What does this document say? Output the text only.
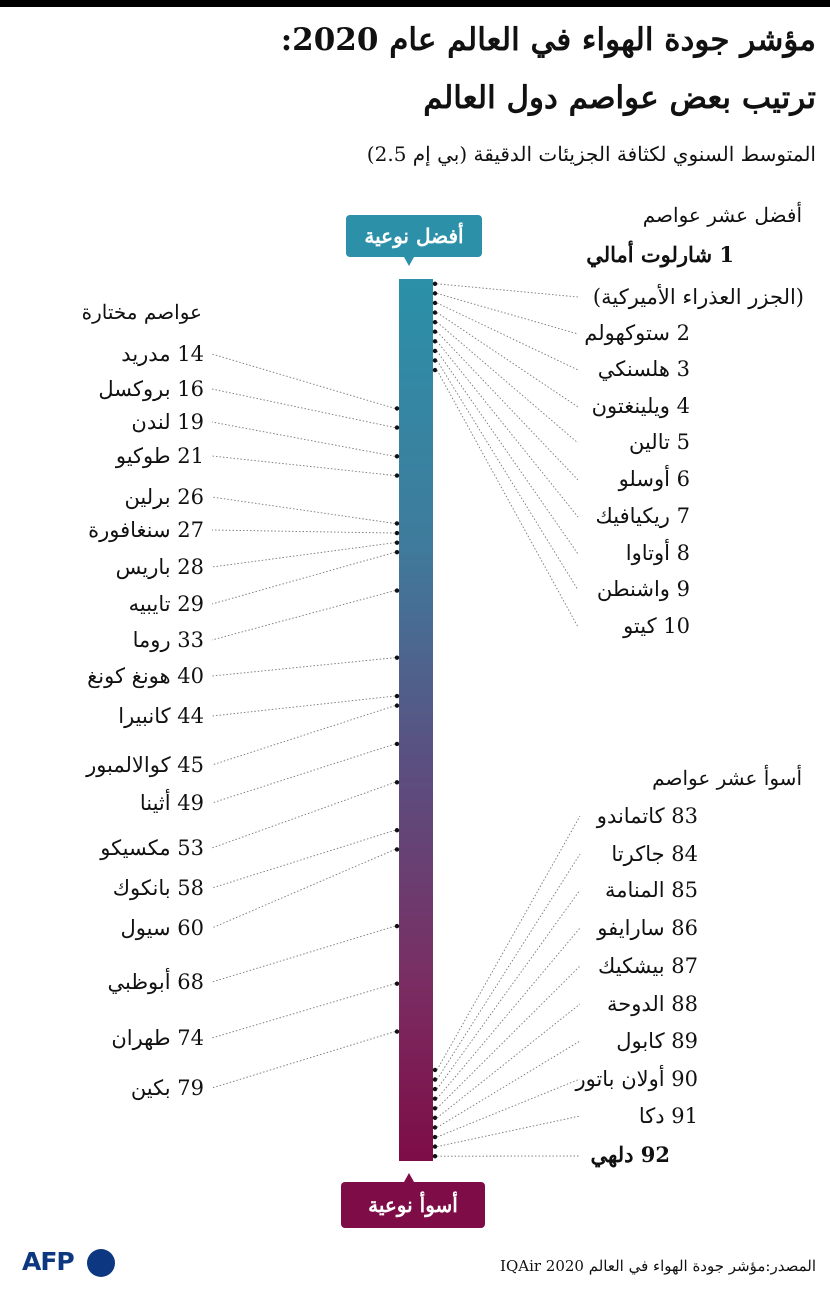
مؤشر جودة الهواء في العالم عام 2020:
ترتيب بعض عواصم دول العالم
المتوسط السنوي لكثافة الجزيئات الدقيقة (بي إم 2.5)
أفضل عشر عواصم
عواصم مختارة
أسوأ عشر عواصم
أفضل نوعية
أسوأ نوعية
1 شارلوت أمالي
2 ستوكهولم
3 هلسنكي
4 ويلينغتون
5 تالين
6 أوسلو
7 ريكيافيك
8 أوتاوا
9 واشنطن
10 كيتو
(الجزر العذراء الأميركية)
14 مدريد
16 بروكسل
19 لندن
21 طوكيو
26 برلين
27 سنغافورة
28 باريس
29 تايبيه
33 روما
40 هونغ كونغ
44 كانبيرا
45 كوالالمبور
49 أثينا
53 مكسيكو
58 بانكوك
60 سيول
68 أبوظبي
74 طهران
79 بكين
83 كاتماندو
84 جاكرتا
85 المنامة
86 سارايفو
87 بيشكيك
88 الدوحة
89 كابول
90 أولان باتور
91 دكا
92 دلهي
المصدر:مؤشر جودة الهواء في العالم IQAir 2020
AFP
